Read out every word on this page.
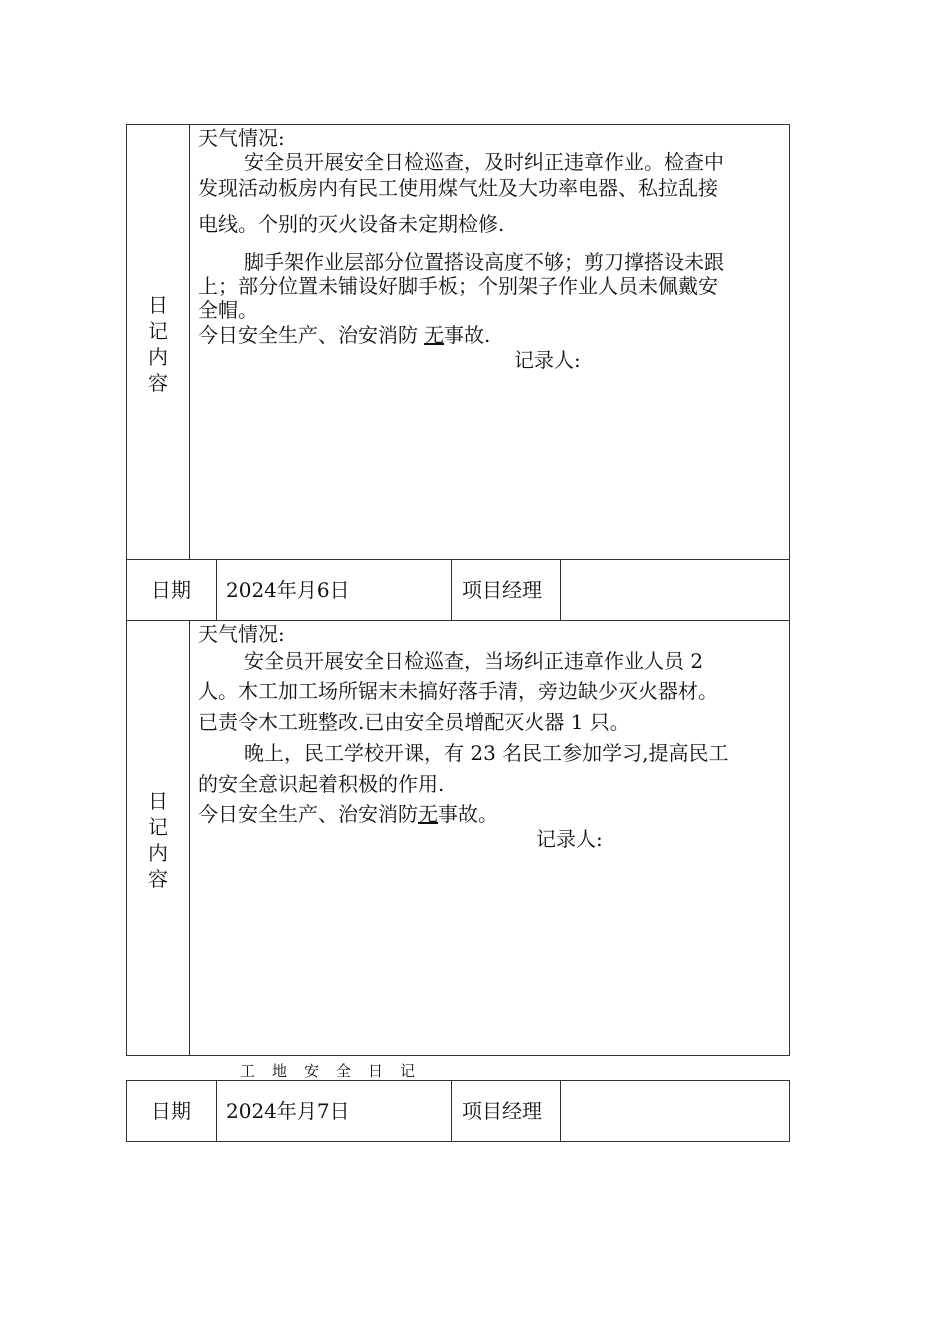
日记内容
天气情况:
安全员开展安全日检巡查，及时纠正违章作业。检查中
发现活动板房内有民工使用煤气灶及大功率电器、私拉乱接
电线。个别的灭火设备未定期检修.
脚手架作业层部分位置搭设高度不够；剪刀撑搭设未跟
上；部分位置未铺设好脚手板；个别架子作业人员未佩戴安
全帽。
今日安全生产、治安消防 无事故.
记录人:
日期 2024年月6日	项目经理
日记内容
天气情况:
安全员开展安全日检巡查，当场纠正违章作业人员 2
人。木工加工场所锯末未搞好落手清，旁边缺少灭火器材。
已责令木工班整改.已由安全员增配灭火器 1 只。
晚上，民工学校开课，有 23 名民工参加学习,提高民工
的安全意识起着积极的作用.
今日安全生产、治安消防无事故。
记录人:
工地安全日记
日期 2024年月7日	项目经理
